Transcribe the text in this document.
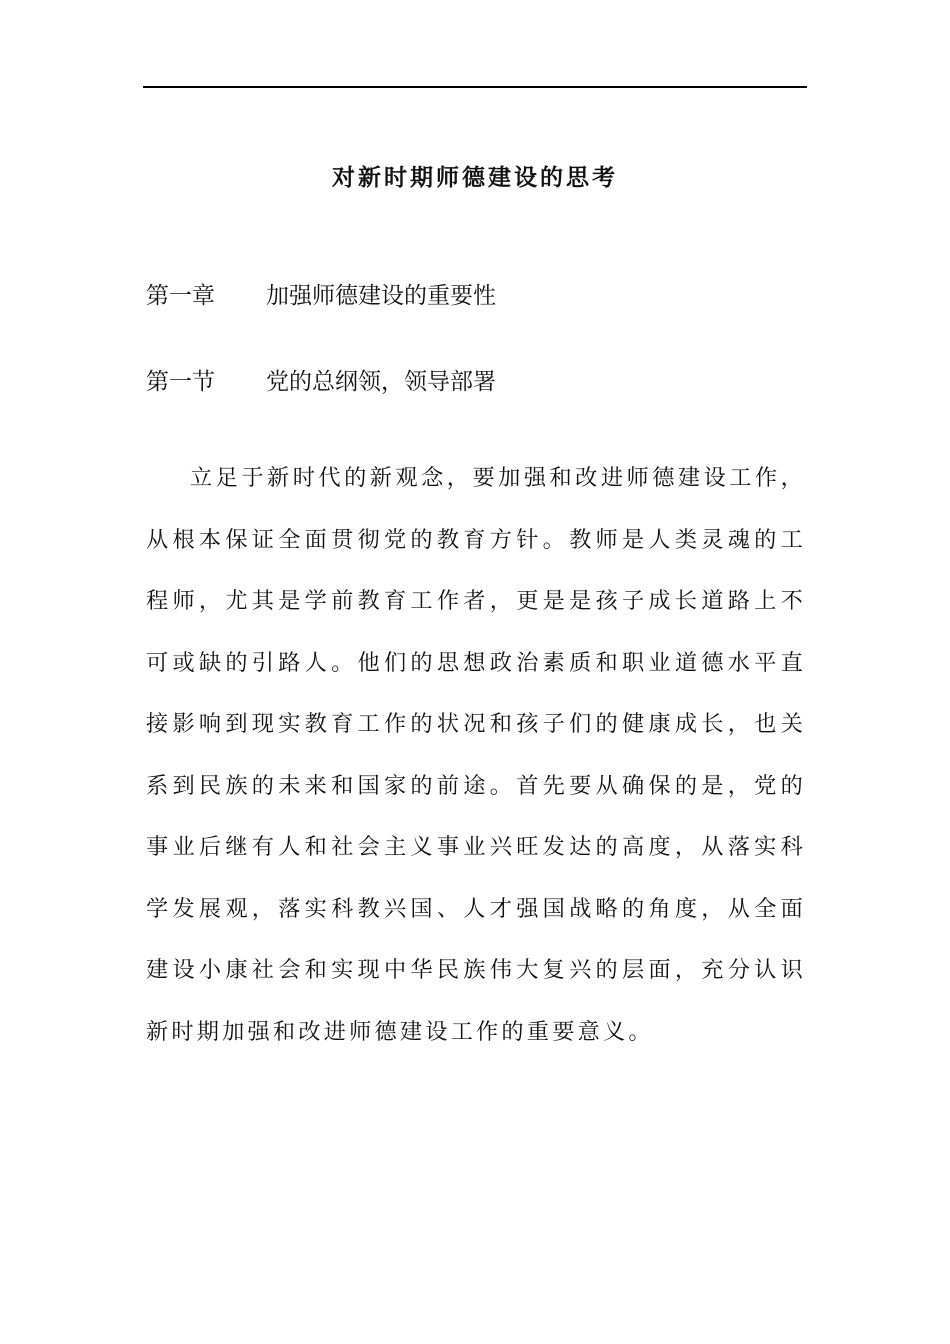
对新时期师德建设的思考
第一章 加强师德建设的重要性
第一节 党的总纲领，领导部署

立足于新时代的新观念，要加强和改进师德建设工作，从根本保证全面贯彻党的教育方针。教师是人类灵魂的工程师，尤其是学前教育工作者，更是是孩子成长道路上不可或缺的引路人。他们的思想政治素质和职业道德水平直接影响到现实教育工作的状况和孩子们的健康成长，也关系到民族的未来和国家的前途。首先要从确保的是，党的事业后继有人和社会主义事业兴旺发达的高度，从落实科学发展观，落实科教兴国、人才强国战略的角度，从全面建设小康社会和实现中华民族伟大复兴的层面，充分认识新时期加强和改进师德建设工作的重要意义。
